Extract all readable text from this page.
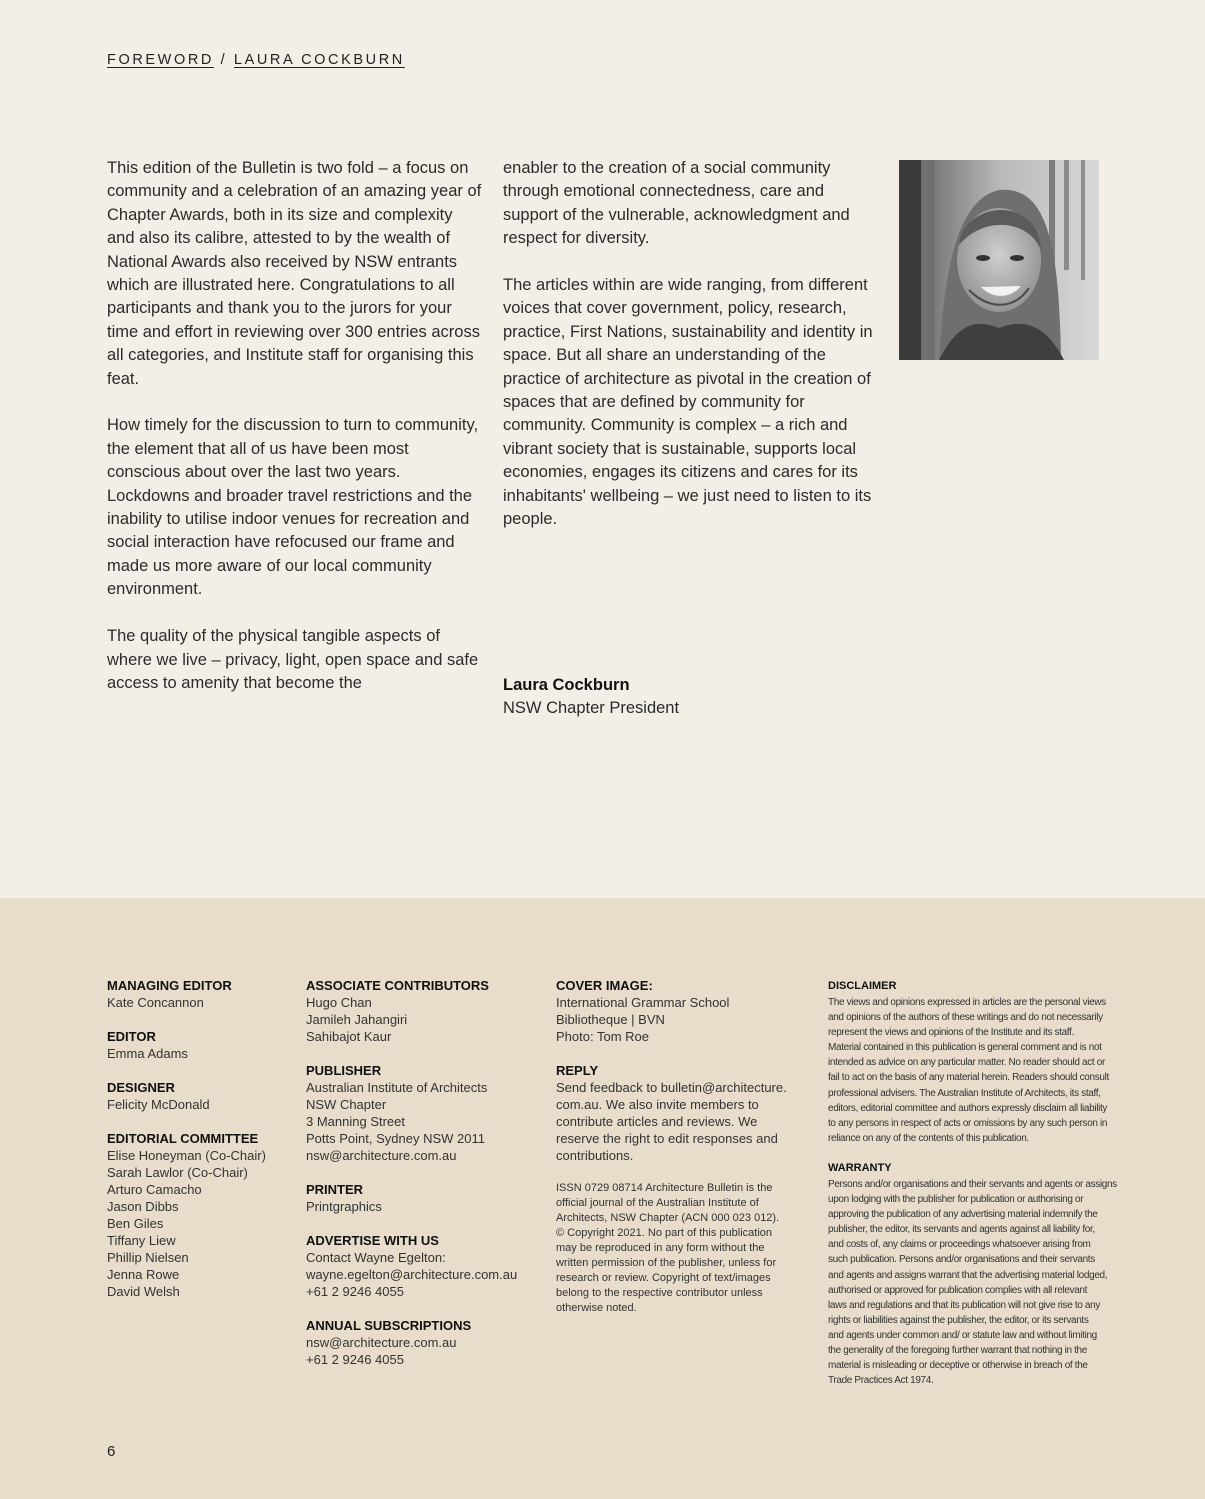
FOREWORD / LAURA COCKBURN

This edition of the Bulletin is two fold – a focus on community and a celebration of an amazing year of Chapter Awards, both in its size and complexity and also its calibre, attested to by the wealth of National Awards also received by NSW entrants which are illustrated here. Congratulations to all participants and thank you to the jurors for your time and effort in reviewing over 300 entries across all categories, and Institute staff for organising this feat.

How timely for the discussion to turn to community, the element that all of us have been most conscious about over the last two years. Lockdowns and broader travel restrictions and the inability to utilise indoor venues for recreation and social interaction have refocused our frame and made us more aware of our local community environment.

The quality of the physical tangible aspects of where we live – privacy, light, open space and safe access to amenity that become the

enabler to the creation of a social community through emotional connectedness, care and support of the vulnerable, acknowledgment and respect for diversity.

The articles within are wide ranging, from different voices that cover government, policy, research, practice, First Nations, sustainability and identity in space. But all share an understanding of the practice of architecture as pivotal in the creation of spaces that are defined by community for community. Community is complex – a rich and vibrant society that is sustainable, supports local economies, engages its citizens and cares for its inhabitants' wellbeing – we just need to listen to its people.

Laura Cockburn
NSW Chapter President
MANAGING EDITOR
Kate Concannon
EDITOR
Emma Adams
DESIGNER
Felicity McDonald
EDITORIAL COMMITTEE
Elise Honeyman (Co-Chair)
Sarah Lawlor (Co-Chair)
Arturo Camacho
Jason Dibbs
Ben Giles
Tiffany Liew
Phillip Nielsen
Jenna Rowe
David Welsh
ASSOCIATE CONTRIBUTORS
Hugo Chan
Jamileh Jahangiri
Sahibajot Kaur
PUBLISHER
Australian Institute of Architects
NSW Chapter
3 Manning Street
Potts Point, Sydney NSW 2011
nsw@architecture.com.au
PRINTER
Printgraphics
ADVERTISE WITH US
Contact Wayne Egelton:
wayne.egelton@architecture.com.au
+61 2 9246 4055
ANNUAL SUBSCRIPTIONS
nsw@architecture.com.au
+61 2 9246 4055
COVER IMAGE:
International Grammar School
Bibliotheque | BVN
Photo: Tom Roe
REPLY
Send feedback to bulletin@architecture.
com.au. We also invite members to
contribute articles and reviews. We
reserve the right to edit responses and
contributions.
ISSN 0729 08714 Architecture Bulletin is the
official journal of the Australian Institute of
Architects, NSW Chapter (ACN 000 023 012).
© Copyright 2021. No part of this publication
may be reproduced in any form without the
written permission of the publisher, unless for
research or review. Copyright of text/images
belong to the respective contributor unless
otherwise noted.
DISCLAIMER
The views and opinions expressed in articles are the personal views
and opinions of the authors of these writings and do not necessarily
represent the views and opinions of the Institute and its staff.
Material contained in this publication is general comment and is not
intended as advice on any particular matter. No reader should act or
fail to act on the basis of any material herein. Readers should consult
professional advisers. The Australian Institute of Architects, its staff,
editors, editorial committee and authors expressly disclaim all liability
to any persons in respect of acts or omissions by any such person in
reliance on any of the contents of this publication.
WARRANTY
Persons and/or organisations and their servants and agents or assigns
upon lodging with the publisher for publication or authorising or
approving the publication of any advertising material indemnify the
publisher, the editor, its servants and agents against all liability for,
and costs of, any claims or proceedings whatsoever arising from
such publication. Persons and/or organisations and their servants
and agents and assigns warrant that the advertising material lodged,
authorised or approved for publication complies with all relevant
laws and regulations and that its publication will not give rise to any
rights or liabilities against the publisher, the editor, or its servants
and agents under common and/ or statute law and without limiting
the generality of the foregoing further warrant that nothing in the
material is misleading or deceptive or otherwise in breach of the
Trade Practices Act 1974.
6
